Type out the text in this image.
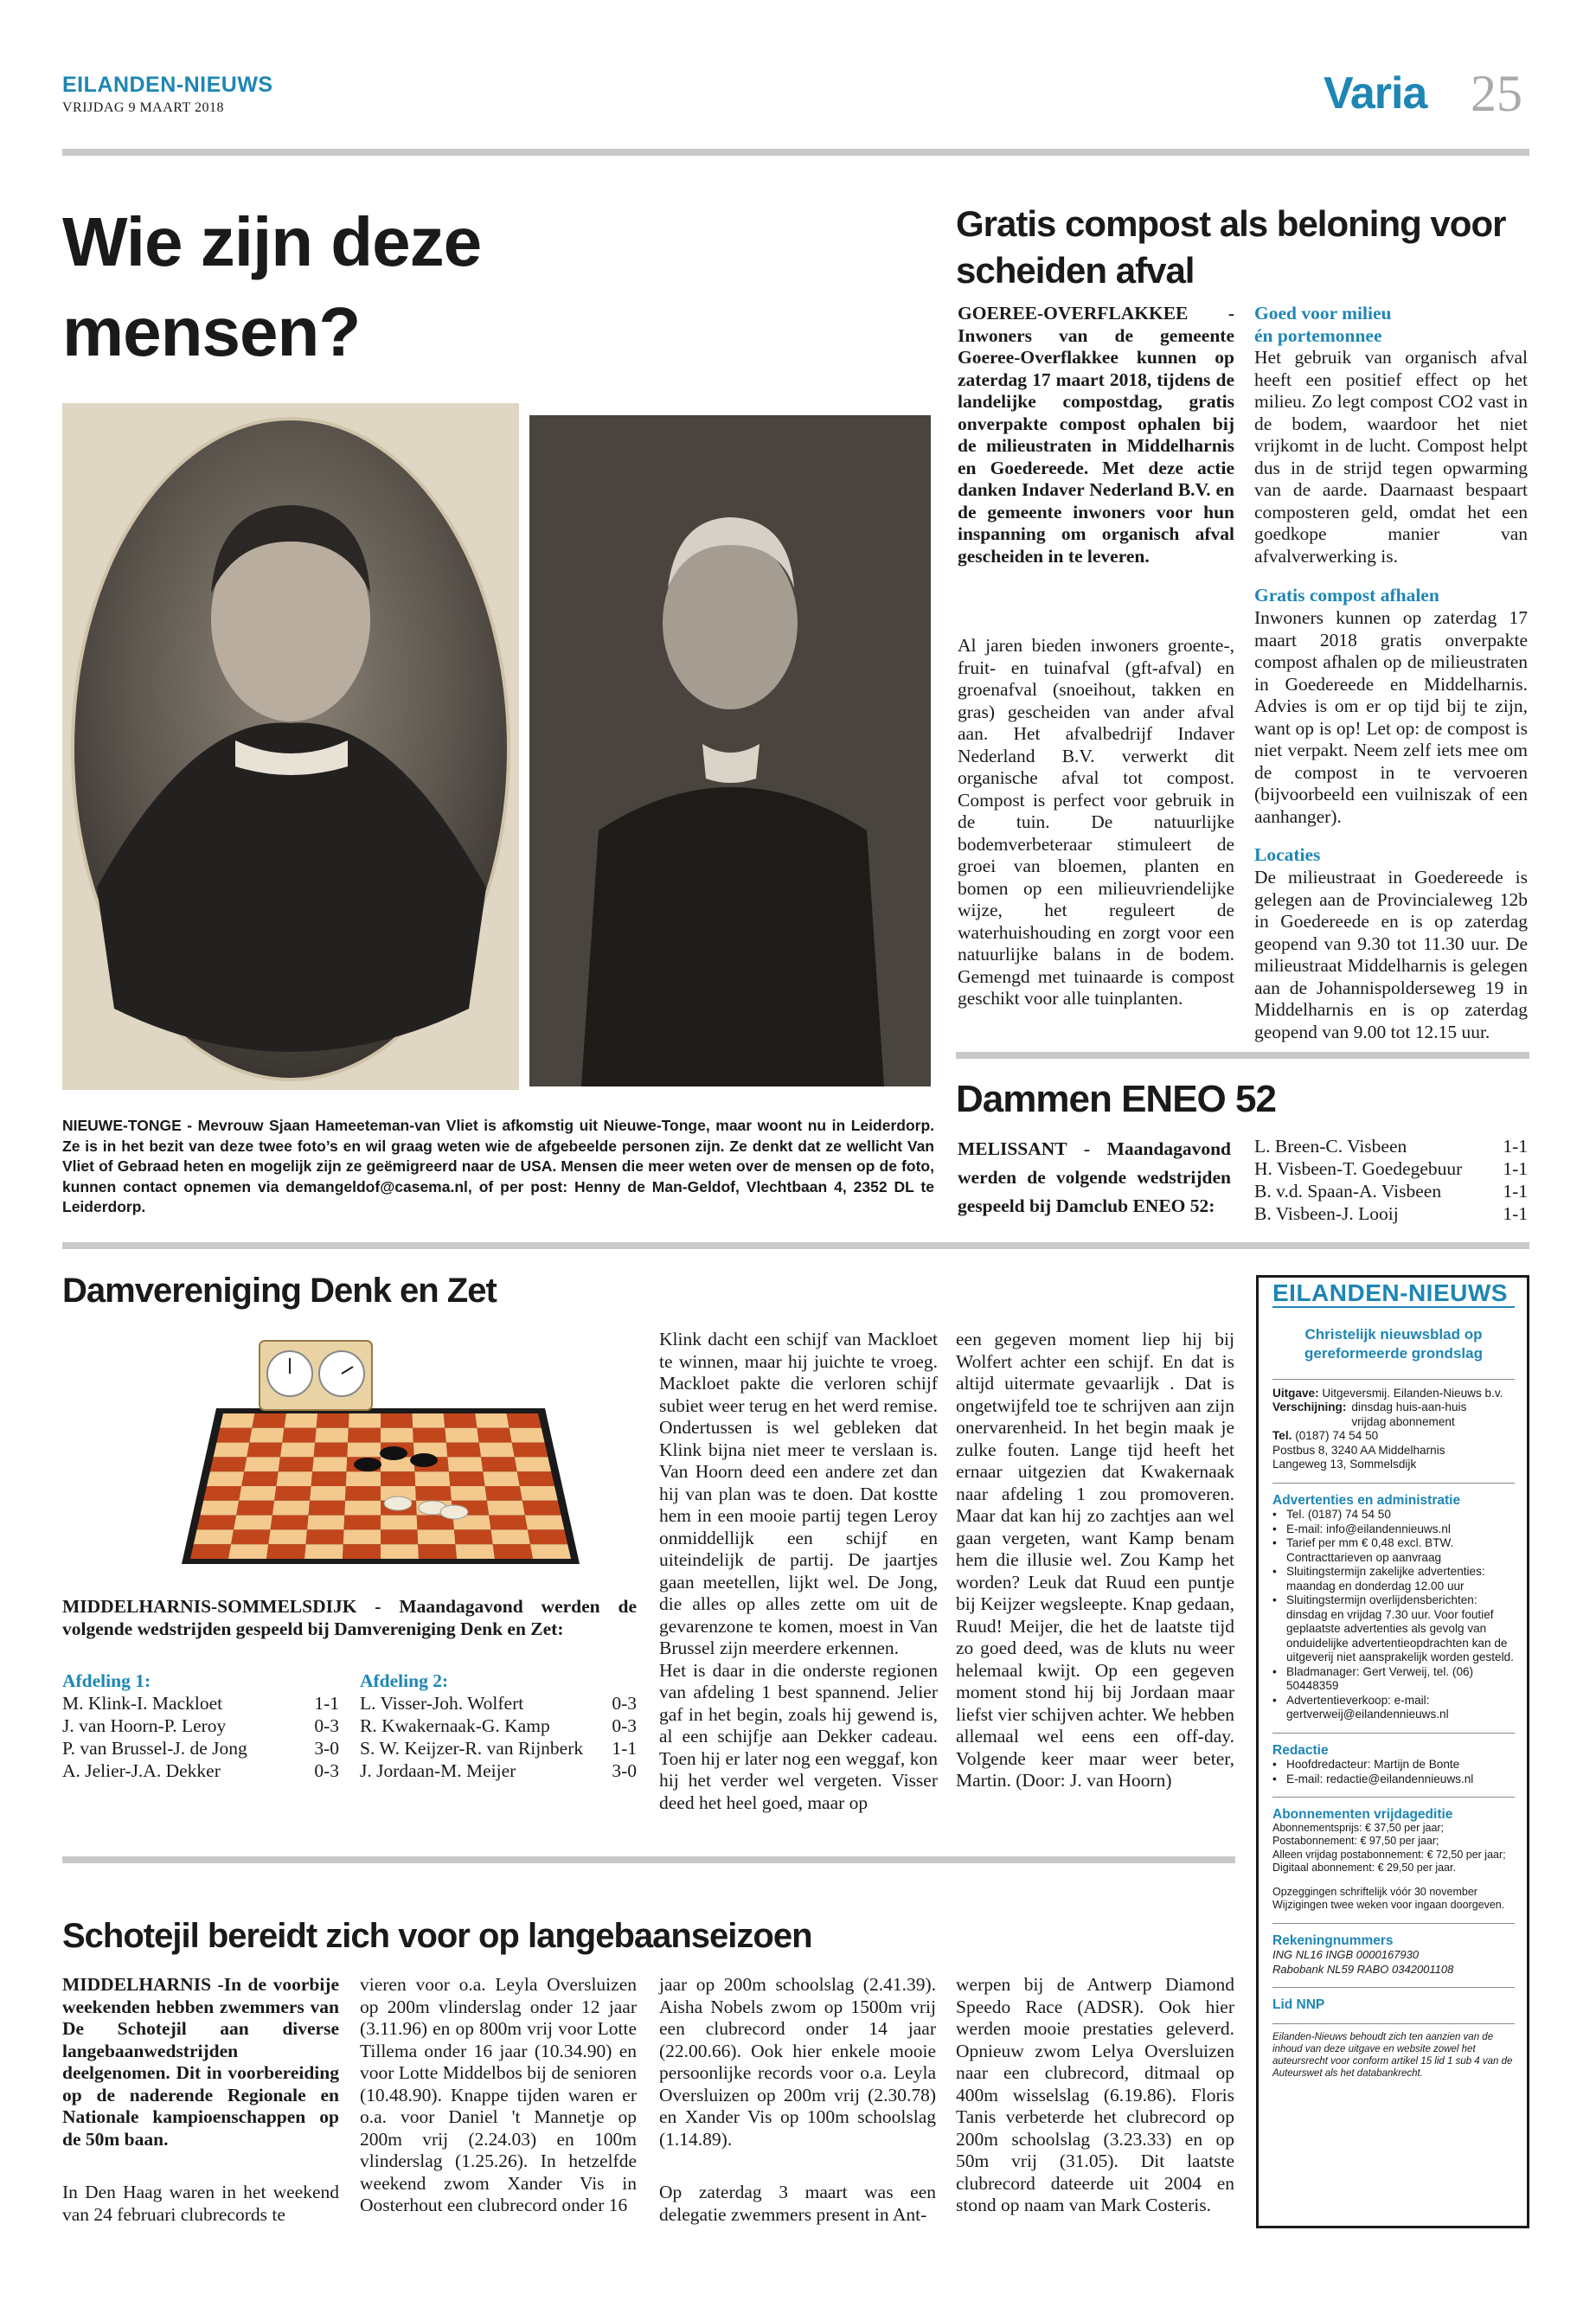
EILANDEN-NIEUWS
VRIJDAG 9 MAART 2018	Varia 25
Wie zijn deze mensen?
NIEUWE-TONGE - Mevrouw Sjaan Hameeteman-van Vliet is afkomstig uit Nieuwe-Tonge, maar woont nu in Leiderdorp. Ze is in het bezit van deze twee foto’s en wil graag weten wie de afgebeelde personen zijn. Ze denkt dat ze wellicht Van Vliet of Gebraad heten en mogelijk zijn ze geëmigreerd naar de USA. Mensen die meer weten over de mensen op de foto, kunnen contact opnemen via demangeldof@casema.nl, of per post: Henny de Man-Geldof, Vlechtbaan 4, 2352 DL te Leiderdorp.
Gratis compost als beloning voor scheiden afval
GOEREE-OVERFLAKKEE - Inwoners van de gemeente Goeree-Overflakkee kunnen op zaterdag 17 maart 2018, tijdens de landelijke compostdag, gratis onverpakte compost ophalen bij de milieustraten in Middelharnis en Goedereede. Met deze actie danken Indaver Nederland B.V. en de gemeente inwoners voor hun inspanning om organisch afval gescheiden in te leveren.
Al jaren bieden inwoners groente-, fruit- en tuinafval (gft-afval) en groenafval (snoeihout, takken en gras) gescheiden van ander afval aan. Het afvalbedrijf Indaver Nederland B.V. verwerkt dit organische afval tot compost. Compost is perfect voor gebruik in de tuin. De natuurlijke bodemverbeteraar stimuleert de groei van bloemen, planten en bomen op een milieuvriendelijke wijze, het reguleert de waterhuishouding en zorgt voor een natuurlijke balans in de bodem. Gemengd met tuinaarde is compost geschikt voor alle tuinplanten.
Goed voor milieu
én portemonnee
Het gebruik van organisch afval heeft een positief effect op het milieu. Zo legt compost CO2 vast in de bodem, waardoor het niet vrijkomt in de lucht. Compost helpt dus in de strijd tegen opwarming van de aarde. Daarnaast bespaart composteren geld, omdat het een goedkope manier van afvalverwerking is.
Gratis compost afhalen
Inwoners kunnen op zaterdag 17 maart 2018 gratis onverpakte compost afhalen op de milieustraten in Goedereede en Middelharnis. Advies is om er op tijd bij te zijn, want op is op! Let op: de compost is niet verpakt. Neem zelf iets mee om de compost in te vervoeren (bijvoorbeeld een vuilniszak of een aanhanger).
Locaties
De milieustraat in Goedereede is gelegen aan de Provincialeweg 12b in Goedereede en is op zaterdag geopend van 9.30 tot 11.30 uur. De milieustraat Middelharnis is gelegen aan de Johannispolderseweg 19 in Middelharnis en is op zaterdag geopend van 9.00 tot 12.15 uur.
Dammen ENEO 52
MELISSANT - Maandagavond werden de volgende wedstrijden gespeeld bij Damclub ENEO 52:
L. Breen-C. Visbeen	1-1
H. Visbeen-T. Goedegebuur 1-1
B. v.d. Spaan-A. Visbeen	1-1
B. Visbeen-J. Looij	1-1
Damvereniging Denk en Zet
MIDDELHARNIS-SOMMELSDIJK - Maandagavond werden de volgende wedstrijden gespeeld bij Damvereniging Denk en Zet:
Afdeling 1:
M. Klink-I. Mackloet	1-1
J. van Hoorn-P. Leroy	0-3
P. van Brussel-J. de Jong	3-0
A. Jelier-J.A. Dekker	0-3
Afdeling 2:
L. Visser-Joh. Wolfert	0-3
R. Kwakernaak-G. Kamp	0-3
S. W. Keijzer-R. van Rijnberk 1-1
J. Jordaan-M. Meijer	3-0
Klink dacht een schijf van Mackloet te winnen, maar hij juichte te vroeg. Mackloet pakte die verloren schijf subiet weer terug en het werd remise. Ondertussen is wel gebleken dat Klink bijna niet meer te verslaan is. Van Hoorn deed een andere zet dan hij van plan was te doen. Dat kostte hem in een mooie partij tegen Leroy onmiddellijk een schijf en uiteindelijk de partij. De jaartjes gaan meetellen, lijkt wel. De Jong, die alles op alles zette om uit de gevarenzone te komen, moest in Van Brussel zijn meerdere erkennen.
Het is daar in die onderste regionen van afdeling 1 best spannend. Jelier gaf in het begin, zoals hij gewend is, al een schijfje aan Dekker cadeau. Toen hij er later nog een weggaf, kon hij het verder wel vergeten. Visser deed het heel goed, maar op
een gegeven moment liep hij bij Wolfert achter een schijf. En dat is altijd uitermate gevaarlijk . Dat is ongetwijfeld toe te schrijven aan zijn onervarenheid. In het begin maak je zulke fouten. Lange tijd heeft het ernaar uitgezien dat Kwakernaak naar afdeling 1 zou promoveren. Maar dat kan hij zo zachtjes aan wel gaan vergeten, want Kamp benam hem die illusie wel. Zou Kamp het worden? Leuk dat Ruud een puntje bij Keijzer wegsleepte. Knap gedaan, Ruud! Meijer, die het de laatste tijd zo goed deed, was de kluts nu weer helemaal kwijt. Op een gegeven moment stond hij bij Jordaan maar liefst vier schijven achter. We hebben allemaal wel eens een off-day. Volgende keer maar weer beter, Martin. (Door: J. van Hoorn)
Schotejil bereidt zich voor op langebaanseizoen
MIDDELHARNIS -In de voorbije weekenden hebben zwemmers van De Schotejil aan diverse langebaanwedstrijden deelgenomen. Dit in voorbereiding op de naderende Regionale en Nationale kampioenschappen op de 50m baan.
In Den Haag waren in het weekend van 24 februari clubrecords te
vieren voor o.a. Leyla Oversluizen op 200m vlinderslag onder 12 jaar (3.11.96) en op 800m vrij voor Lotte Tillema onder 16 jaar (10.34.90) en voor Lotte Middelbos bij de senioren (10.48.90). Knappe tijden waren er o.a. voor Daniel 't Mannetje op 200m vrij (2.24.03) en 100m vlinderslag (1.25.26). In hetzelfde weekend zwom Xander Vis in Oosterhout een clubrecord onder 16
jaar op 200m schoolslag (2.41.39). Aisha Nobels zwom op 1500m vrij een clubrecord onder 14 jaar (22.00.66). Ook hier enkele mooie persoonlijke records voor o.a. Leyla Oversluizen op 200m vrij (2.30.78) en Xander Vis op 100m schoolslag (1.14.89).
Op zaterdag 3 maart was een delegatie zwemmers present in Ant-
werpen bij de Antwerp Diamond Speedo Race (ADSR). Ook hier werden mooie prestaties geleverd. Opnieuw zwom Lelya Oversluizen naar een clubrecord, ditmaal op 400m wisselslag (6.19.86). Floris Tanis verbeterde het clubrecord op 200m schoolslag (3.23.33) en op 50m vrij (31.05). Dit laatste clubrecord dateerde uit 2004 en stond op naam van Mark Costeris.
EILANDEN-NIEUWS
Christelijk nieuwsblad op gereformeerde grondslag
Uitgave: Uitgeversmij. Eilanden-Nieuws b.v.
Verschijning: dinsdag huis-aan-huis
vrijdag abonnement
Tel. (0187) 74 54 50
Postbus 8, 3240 AA Middelharnis
Langeweg 13, Sommelsdijk
Advertenties en administratie
• Tel. (0187) 74 54 50
• E-mail: info@eilandennieuws.nl
• Tarief per mm € 0,48 excl. BTW. Contracttarieven op aanvraag
• Sluitingstermijn zakelijke advertenties: maandag en donderdag 12.00 uur
• Sluitingstermijn overlijdensberichten: dinsdag en vrijdag 7.30 uur. Voor foutief geplaatste advertenties als gevolg van onduidelijke advertentieopdrachten kan de uitgeverij niet aansprakelijk worden gesteld.
• Bladmanager: Gert Verweij, tel. (06) 50448359
• Advertentieverkoop: e-mail: gertverweij@eilandennieuws.nl
Redactie
• Hoofdredacteur: Martijn de Bonte
• E-mail: redactie@eilandennieuws.nl
Abonnementen vrijdageditie
Abonnementsprijs: € 37,50 per jaar;
Postabonnement: € 97,50 per jaar;
Alleen vrijdag postabonnement: € 72,50 per jaar;
Digitaal abonnement: € 29,50 per jaar.
Opzeggingen schriftelijk vóór 30 november
Wijzigingen twee weken voor ingaan doorgeven.
Rekeningnummers
ING NL16 INGB 0000167930
Rabobank NL59 RABO 0342001108
Lid NNP
Eilanden-Nieuws behoudt zich ten aanzien van de inhoud van deze uitgave en website zowel het auteursrecht voor conform artikel 15 lid 1 sub 4 van de Auteurswet als het databankrecht.
